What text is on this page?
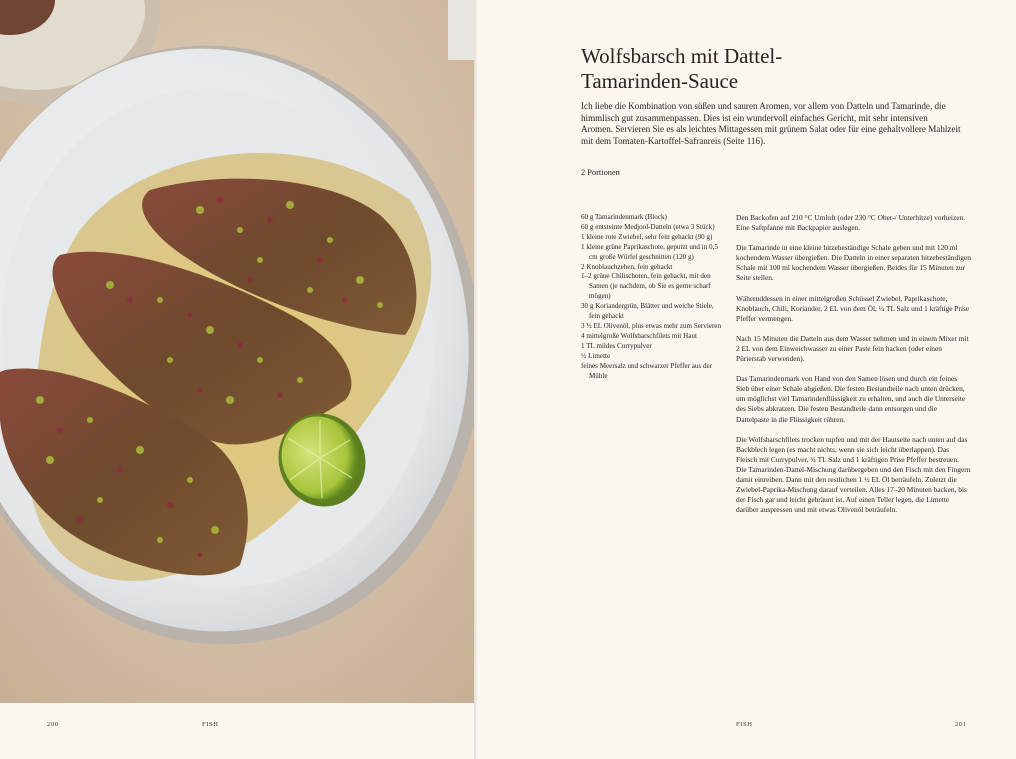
Wolfsbarsch mit Dattel-
Tamarinden-Sauce

Ich liebe die Kombination von süßen und sauren Aromen, vor allem von Datteln und Tamarinde, die himmlisch gut zusammenpassen. Dies ist ein wundervoll einfaches Gericht, mit sehr intensiven Aromen. Servieren Sie es als leichtes Mittagessen mit grünem Salat oder für eine gehaltvollere Mahlzeit mit dem Tomaten-Kartoffel-Safranreis (Seite 116).

2 Portionen

60 g Tamarindenmark (Block)
60 g entsteinte Medjool-Datteln (etwa 3 Stück)
1 kleine rote Zwiebel, sehr fein gehackt (90 g)
1 kleine grüne Paprikaschote, geputzt und in 0,5 cm große Würfel geschnitten (120 g)
2 Knoblauchzehen, fein gehackt
1–2 grüne Chilischoten, fein gehackt, mit den Samen (je nachdem, ob Sie es gerne scharf mögen)
30 g Koriandergrün, Blätter und weiche Stiele, fein gehackt
3 ½ EL Olivenöl, plus etwas mehr zum Servieren
4 mittelgroße Wolfsbarschfilets mit Haut
1 TL mildes Currypulver
½ Limette
feines Meersalz und schwarzer Pfeffer aus der Mühle

Den Backofen auf 210 °C Umluft (oder 230 °C Ober-/ Unterhitze) vorheizen. Eine Saftpfanne mit Backpapier auslegen.

Die Tamarinde in eine kleine hitzebeständige Schale geben und mit 120 ml kochendem Wasser übergießen. Die Datteln in einer separaten hitzebeständigen Schale mit 100 ml kochendem Wasser übergießen. Beides für 15 Minuten zur Seite stellen.

Währenddessen in einer mittelgroßen Schüssel Zwiebel, Paprikaschote, Knoblauch, Chili, Koriander, 2 EL von dem Öl, ¼ TL Salz und 1 kräftige Prise Pfeffer vermengen.

Nach 15 Minuten die Datteln aus dem Wasser nehmen und in einem Mixer mit 2 EL von dem Einweichwasser zu einer Paste fein hacken (oder einen Pürierstab verwenden).

Das Tamarindenmark von Hand von den Samen lösen und durch ein feines Sieb über einer Schale abgießen. Die festen Bestandteile nach unten drücken, um möglichst viel Tamarindenflüssigkeit zu erhalten, und auch die Unterseite des Siebs abkratzen. Die festen Bestandteile dann entsorgen und die Dattelpaste in die Flüssigkeit rühren.

Die Wolfsbarschfilets trocken tupfen und mit der Hautseite nach unten auf das Backblech legen (es macht nichts, wenn sie sich leicht überlappen). Das Fleisch mit Currypulver, ¾ TL Salz und 1 kräftigen Prise Pfeffer bestreuen. Die Tamarinden-Dattel-Mischung darübergeben und den Fisch mit den Fingern damit einreiben. Dann mit den restlichen 1 ½ EL Öl beträufeln. Zuletzt die Zwiebel-Paprika-Mischung darauf verteilen. Alles 17–20 Minuten backen, bis der Fisch gar und leicht gebräunt ist. Auf einen Teller legen, die Limette darüber auspressen und mit etwas Olivenöl beträufeln.

200	FISH	FISH	201
